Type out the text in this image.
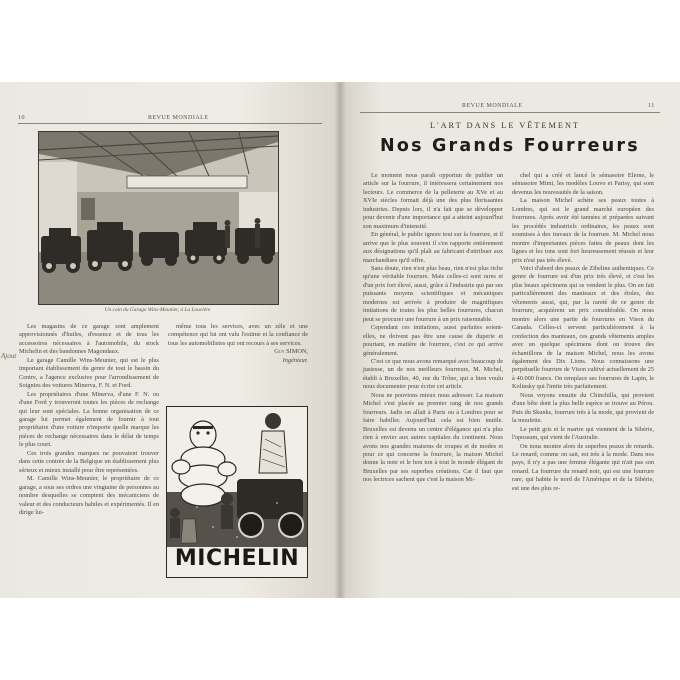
10	REVUE MONDIALE
Un coin du Garage Wins-Meunier, à La Louvière

Les magasins de ce garage sont amplement approvisionnés d'huiles, d'essence et de tous les accessoires nécessaires à l'automobile, du stock Michelin et des bandonnes Magondaux.

Le garage Camille Wins-Meunier, qui est le plus important établissement du genre de tout le bassin du Centre, a l'agence exclusive pour l'arrondissement de Soignies des voitures Minerva, F. N. et Ford.

Les propriétaires d'une Minerva, d'une F. N. ou d'une Ford y trouveront toutes les pièces de rechange qui leur sont spéciales. La bonne organisation de ce garage lui permet également de fournir à tout propriétaire d'une voiture n'importe quelle marque les pièces de rechange nécessaires dans le délai de temps le plus court.

Ces trois grandes marques ne pouvaient trouver dans cette contrée de la Belgique un établissement plus sérieux et mieux installé pour être représentées.

M. Camille Wins-Meunier, le propriétaire de ce garage, a sous ses ordres une vingtaine de personnes au nombre desquelles se comptent des mécaniciens de valeur et des conducteurs habiles et expérimentés. Il en dirige lui-

même tous les services, avec un zèle et une compétence qui lui ont valu l'estime et la confiance de tous les automobilistes qui ont recours à ses services.

Guy SIMON,
Ingénieur.
Ajout
MICHELIN
REVUE MONDIALE	11
L'ART DANS LE VÊTEMENT
Nos Grands Fourreurs

Le moment nous paraît opportun de publier un article sur la fourrure, il intéressera certainement nos lecteurs. Le commerce de la pelleterie au XVe et au XVIe siècles formait déjà une des plus florissantes industries. Depuis lors, il n'a fait que se développer pour devenir d'une importance qui a atteint aujourd'hui son maximum d'intensité.

En général, le public ignore tout sur la fourrure, et il arrive que le plus souvent il s'en rapporte entièrement aux désignations qu'il plaît au fabricant d'attribuer aux marchandises qu'il offre.

Sans doute, rien n'est plus beau, rien n'est plus riche qu'une véritable fourrure. Mais celles-ci sont rares et d'un prix fort élevé, aussi, grâce à l'industrie qui par ses puissants moyens scientifiques et mécaniques modernes est arrivée à produire de magnifiques imitations de toutes les plus belles fourrures, chacun peut se procurer une fourrure à un prix raisonnable.

Cependant ces imitations, aussi parfaites soient-elles, ne doivent pas être une cause de duperie et pourtant, en matière de fourrure, c'est ce qui arrive généralement.

C'est ce que nous avons remarqué avec beaucoup de justesse, un de nos meilleurs fourreurs, M. Michel, établi à Bruxelles, 40, rue du Trône, qui a bien voulu nous documenter pour écrire cet article.

Nous ne pouvions mieux nous adresser. La maison Michel s'est placée au premier rang de nos grands fourreurs. Jadis on allait à Paris ou à Londres pour se faire habiller. Aujourd'hui cela est bien inutile. Bruxelles est devenu un centre d'élégance qui n'a plus rien à envier aux autres capitales du continent. Nous avons nos grandes maisons de coupes et de modes et pour ce qui concerne la fourrure, la maison Michel donne la note et le bon ton à tout le monde élégant de Bruxelles par ses superbes créations. Car il faut que nos lectrices sachent que c'est la maison Mi-

chel qui a créé et lancé le sémasoire Elione, le sémasoire Mimi, les modèles Louvo et Parisy, qui sont devenus les nouveautés de la saison.

La maison Michel achète ses peaux toutes à Londres, qui est le grand marché européen des fourrures. Après avoir été tannées et préparées suivant les procédés industriels ordinaires, les peaux sont soumises à des travaux de la fourrure. M. Michel nous montre d'importantes pièces faites de peaux dont les lignes et les tons sont fort heureusement réussis et leur prix n'est pas très élevé.

Voici d'abord des peaux de Zibeline authentiques. Ce genre de fourrure est d'un prix très élevé, et c'est les plus beaux spécimens qui se vendent le plus. On en fait particulièrement des manteaux et des étoles, des vêtements aussi, qui, par la rareté de ce genre de fourrure, acquièrent un prix considérable. On nous montre alors une partie de fourrures en Vison du Canada. Celles-ci servent particulièrement à la confection des manteaux, ces grands vêtements amples avec un quelque spécimens dont on trouve des échantillons de la maison Michel, nous les avons également des Dix Lions. Nous connaissons une perpétuelle fourrure de Vison cultivé actuellement de 25 à 40.000 francs. On remplace ses fourrures de Lapin, le Kolinsky qui l'imite très parfaitement.

Nous voyons ensuite du Chinchilla, qui provient d'une bête dont la plus belle espèce se trouve au Pérou. Puis du Skunks, fourrure très à la mode, qui provient de la moufette.

Le petit gris et le martre qui viennent de la Sibérie, l'opossum, qui vient de l'Australie.

On nous montre alors de superbes peaux de renards. Le renard, comme on sait, est très à la mode. Dans nos pays, il n'y a pas une femme élégante qui n'ait pas son renard. La fourrure du renard noir, qui est une fourrure rare, qui habite le nord de l'Amérique et de la Sibérie, est une des plus re-
